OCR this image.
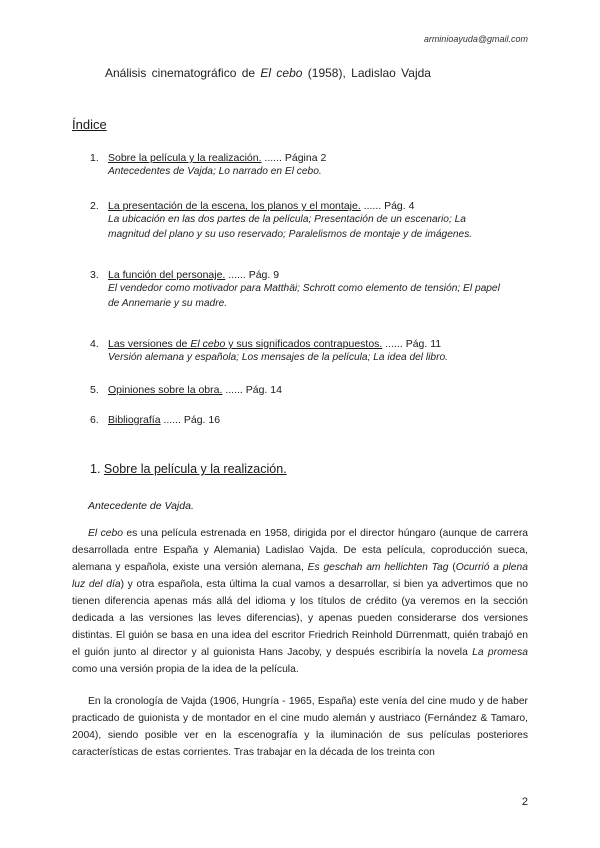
arminioayuda@gmail.com
Análisis cinematográfico de El cebo (1958), Ladislao Vajda
Índice
1. Sobre la película y la realización. ...... Página 2
Antecedentes de Vajda; Lo narrado en El cebo.
2. La presentación de la escena, los planos y el montaje. ...... Pág. 4
La ubicación en las dos partes de la película; Presentación de un escenario; La magnitud del plano y su uso reservado; Paralelismos de montaje y de imágenes.
3. La función del personaje. ...... Pág. 9
El vendedor como motivador para Matthäi; Schrott como elemento de tensión; El papel de Annemarie y su madre.
4. Las versiones de El cebo y sus significados contrapuestos. ...... Pág. 11
Versión alemana y española; Los mensajes de la película; La idea del libro.
5. Opiniones sobre la obra. ...... Pág. 14
6. Bibliografía ...... Pág. 16
1. Sobre la película y la realización.
Antecedente de Vajda.
El cebo es una película estrenada en 1958, dirigida por el director húngaro (aunque de carrera desarrollada entre España y Alemania) Ladislao Vajda. De esta película, coproducción sueca, alemana y española, existe una versión alemana, Es geschah am hellichten Tag (Ocurrió a plena luz del día) y otra española, esta última la cual vamos a desarrollar, si bien ya advertimos que no tienen diferencia apenas más allá del idioma y los títulos de crédito (ya veremos en la sección dedicada a las versiones las leves diferencias), y apenas pueden considerarse dos versiones distintas. El guión se basa en una idea del escritor Friedrich Reinhold Dürrenmatt, quién trabajó en el guión junto al director y al guionista Hans Jacoby, y después escribiría la novela La promesa como una versión propia de la idea de la película.
En la cronología de Vajda (1906, Hungría - 1965, España) este venía del cine mudo y de haber practicado de guionista y de montador en el cine mudo alemán y austriaco (Fernández & Tamaro, 2004), siendo posible ver en la escenografía y la iluminación de sus películas posteriores características de estas corrientes. Tras trabajar en la década de los treinta con
2
